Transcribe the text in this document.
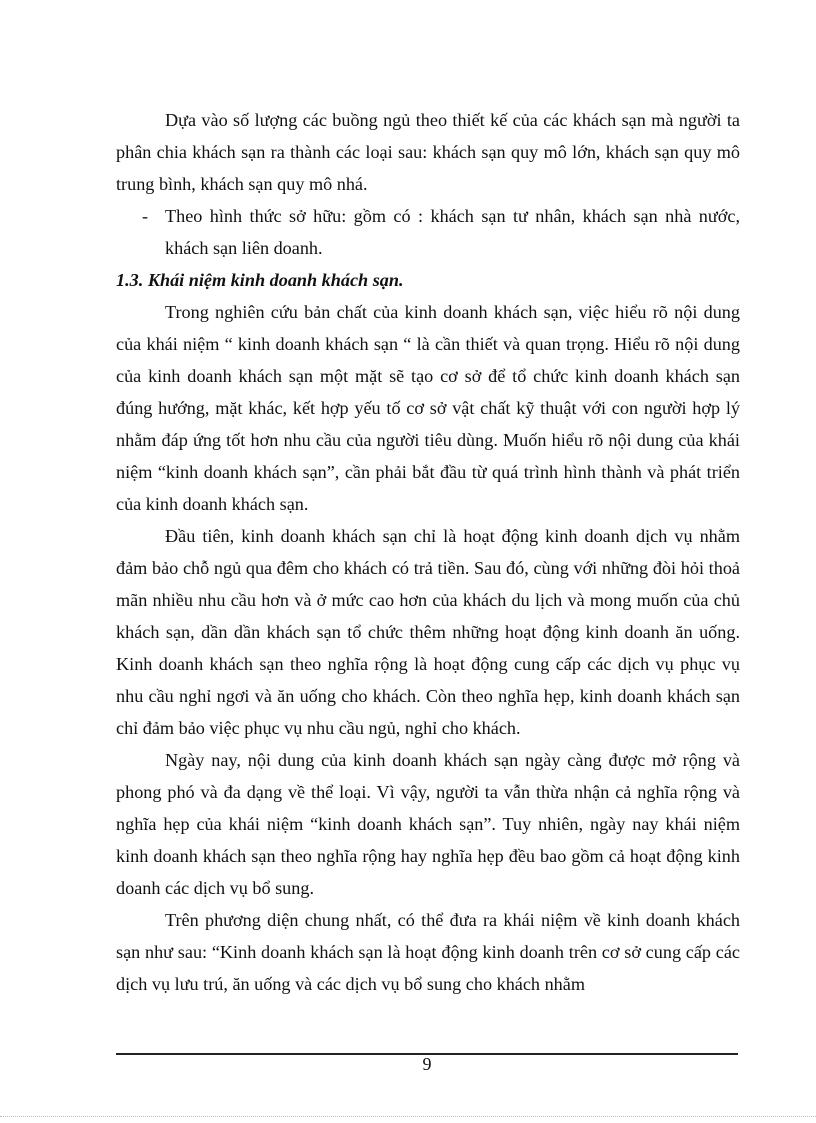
Dựa vào số lượng các buồng ngủ theo thiết kế của các khách sạn mà người ta phân chia khách sạn ra thành các loại sau: khách sạn quy mô lớn, khách sạn quy mô trung bình, khách sạn quy mô nhá.

- Theo hình thức sở hữu: gồm có : khách sạn tư nhân, khách sạn nhà nước, khách sạn liên doanh.

1.3. Khái niệm kinh doanh khách sạn.

Trong nghiên cứu bản chất của kinh doanh khách sạn, việc hiểu rõ nội dung của khái niệm “ kinh doanh khách sạn “ là cần thiết và quan trọng. Hiểu rõ nội dung của kinh doanh khách sạn một mặt sẽ tạo cơ sở để tổ chức kinh doanh khách sạn đúng hướng, mặt khác, kết hợp yếu tố cơ sở vật chất kỹ thuật với con người hợp lý nhằm đáp ứng tốt hơn nhu cầu của người tiêu dùng. Muốn hiểu rõ nội dung của khái niệm “kinh doanh khách sạn”, cần phải bắt đầu từ quá trình hình thành và phát triển của kinh doanh khách sạn.

Đầu tiên, kinh doanh khách sạn chỉ là hoạt động kinh doanh dịch vụ nhằm đảm bảo chỗ ngủ qua đêm cho khách có trả tiền. Sau đó, cùng với những đòi hỏi thoả mãn nhiều nhu cầu hơn và ở mức cao hơn của khách du lịch và mong muốn của chủ khách sạn, dần dần khách sạn tổ chức thêm những hoạt động kinh doanh ăn uống. Kinh doanh khách sạn theo nghĩa rộng là hoạt động cung cấp các dịch vụ phục vụ nhu cầu nghỉ ngơi và ăn uống cho khách. Còn theo nghĩa hẹp, kinh doanh khách sạn chỉ đảm bảo việc phục vụ nhu cầu ngủ, nghỉ cho khách.

Ngày nay, nội dung của kinh doanh khách sạn ngày càng được mở rộng và phong phó và đa dạng về thể loại. Vì vậy, người ta vẫn thừa nhận cả nghĩa rộng và nghĩa hẹp của khái niệm “kinh doanh khách sạn”. Tuy nhiên, ngày nay khái niệm kinh doanh khách sạn theo nghĩa rộng hay nghĩa hẹp đều bao gồm cả hoạt động kinh doanh các dịch vụ bổ sung.

Trên phương diện chung nhất, có thể đưa ra khái niệm về kinh doanh khách sạn như sau: “Kinh doanh khách sạn là hoạt động kinh doanh trên cơ sở cung cấp các dịch vụ lưu trú, ăn uống và các dịch vụ bổ sung cho khách nhằm

9
